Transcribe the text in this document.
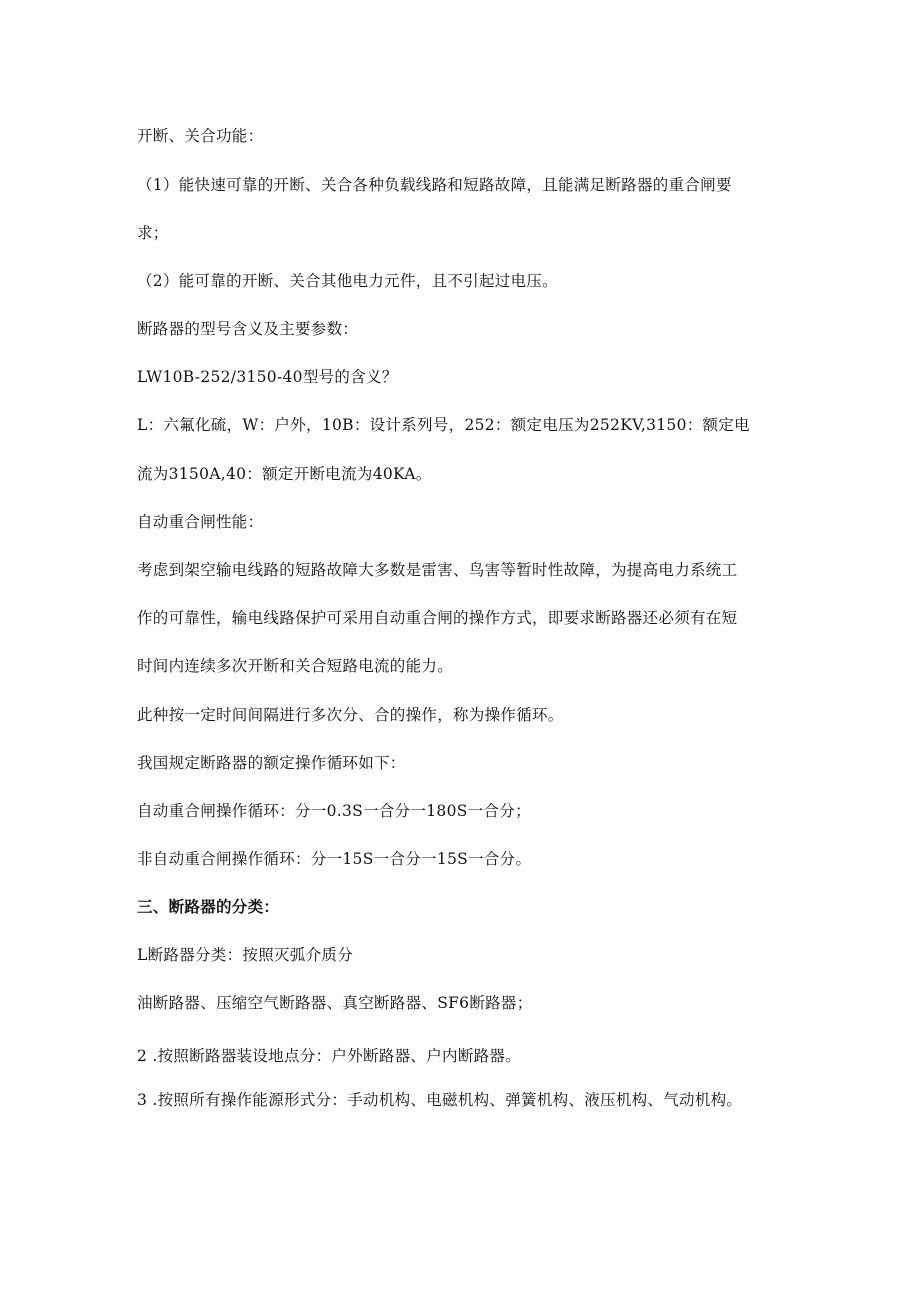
开断、关合功能：
（1）能快速可靠的开断、关合各种负载线路和短路故障，且能满足断路器的重合闸要
求；
（2）能可靠的开断、关合其他电力元件，且不引起过电压。
断路器的型号含义及主要参数：
LW10B-252/3150-40型号的含义？
L：六氟化硫，W：户外，10B：设计系列号，252：额定电压为252KV,3150：额定电
流为3150A,40：额定开断电流为40KA。
自动重合闸性能：
考虑到架空输电线路的短路故障大多数是雷害、鸟害等暂时性故障，为提高电力系统工
作的可靠性，输电线路保护可采用自动重合闸的操作方式，即要求断路器还必须有在短
时间内连续多次开断和关合短路电流的能力。
此种按一定时间间隔进行多次分、合的操作，称为操作循环。
我国规定断路器的额定操作循环如下：
自动重合闸操作循环：分一0.3S一合分一180S一合分；
非自动重合闸操作循环：分一15S一合分一15S一合分。
三、断路器的分类：
L断路器分类：按照灭弧介质分
油断路器、压缩空气断路器、真空断路器、SF6断路器；
2 .按照断路器装设地点分：户外断路器、户内断路器。
3 .按照所有操作能源形式分：手动机构、电磁机构、弹簧机构、液压机构、气动机构。
